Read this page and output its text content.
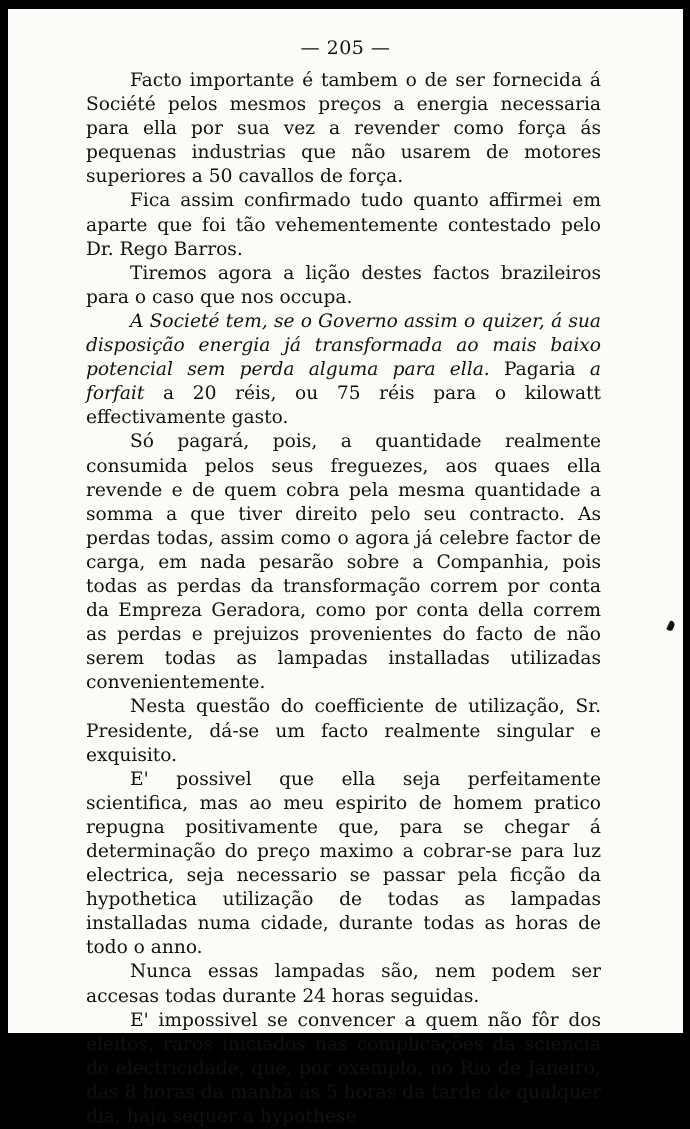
— 205 —

Facto importante é tambem o de ser fornecida á Société pelos mesmos preços a energia necessaria para ella por sua vez a revender como força ás pequenas industrias que não usarem de motores superiores a 50 cavallos de força.

Fica assim confirmado tudo quanto affirmei em aparte que foi tão vehementemente contestado pelo Dr. Rego Barros.

Tiremos agora a lição destes factos brazileiros para o caso que nos occupa.

A Societé tem, se o Governo assim o quizer, á sua disposição energia já transformada ao mais baixo potencial sem perda alguma para ella. Pagaria a forfait a 20 réis, ou 75 réis para o kilowatt effectivamente gasto.

Só pagará, pois, a quantidade realmente consumida pelos seus freguezes, aos quaes ella revende e de quem cobra pela mesma quantidade a somma a que tiver direito pelo seu contracto. As perdas todas, assim como o agora já celebre factor de carga, em nada pesarão sobre a Companhia, pois todas as perdas da transformação correm por conta da Empreza Geradora, como por conta della correm as perdas e prejuizos provenientes do facto de não serem todas as lampadas installadas utilizadas convenientemente.

Nesta questão do coefficiente de utilização, Sr. Presidente, dá-se um facto realmente singular e exquisito.

E' possivel que ella seja perfeitamente scientifica, mas ao meu espirito de homem pratico repugna positivamente que, para se chegar á determinação do preço maximo a cobrar-se para luz electrica, seja necessario se passar pela ficção da hypothetica utilização de todas as lampadas installadas numa cidade, durante todas as horas de todo o anno.

Nunca essas lampadas são, nem podem ser accesas todas durante 24 horas seguidas.

E' impossivel se convencer a quem não fôr dos eleitos, raros iniciados nas complicações da sciencia de electricidade, que, por exemplo, no Rio de Janeiro, das 8 horas da manhã ás 5 horas da tarde de qualquer dia, haja sequer a hypothese
